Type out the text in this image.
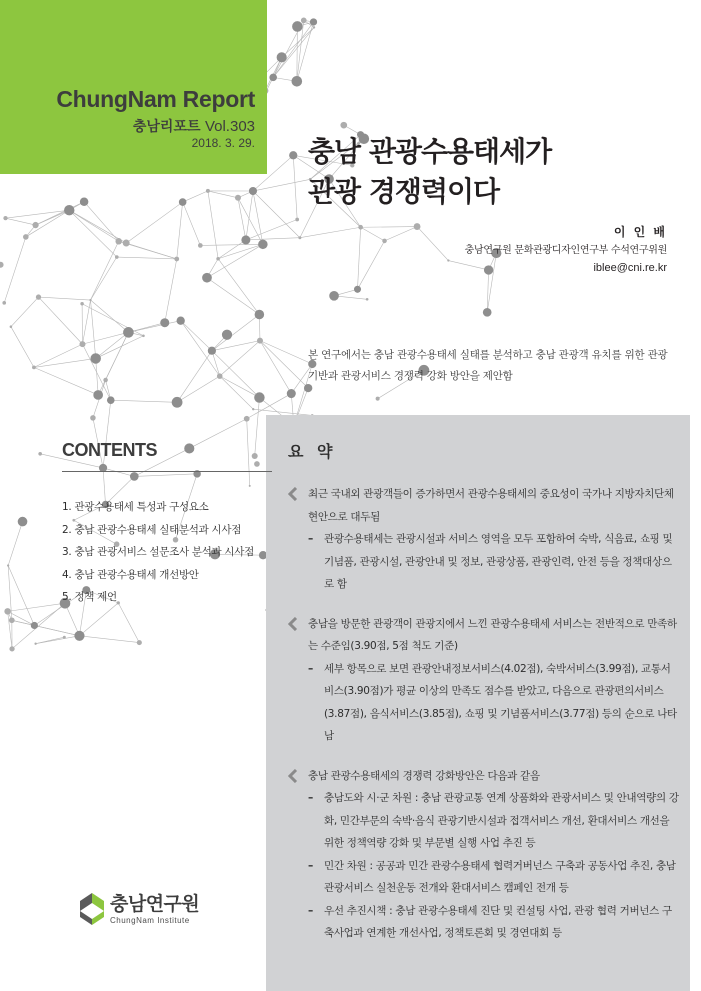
ChungNam Report
충남리포트 Vol.303
2018. 3. 29. 충남 관광수용태세가
관광 경쟁력이다
이 인 배
충남연구원 문화관광디자인연구부 수석연구위원
iblee@cni.re.kr

본 연구에서는 충남 관광수용태세 실태를 분석하고 충남 관광객 유치를 위한 관광기반과 관광서비스 경쟁력 강화 방안을 제안함

CONTENTS
1. 관광수용태세 특성과 구성요소
2. 충남 관광수용태세 실태분석과 시사점
3. 충남 관광서비스 설문조사 분석과 시사점
4. 충남 관광수용태세 개선방안
5. 정책 제언
요 약
최근 국내외 관광객들이 증가하면서 관광수용태세의 중요성이 국가나 지방자치단체 현안으로 대두됨
– 관광수용태세는 관광시설과 서비스 영역을 모두 포함하여 숙박, 식음료, 쇼핑 및 기념품, 관광시설, 관광안내 및 정보, 관광상품, 관광인력, 안전 등을 정책대상으로 함
충남을 방문한 관광객이 관광지에서 느낀 관광수용태세 서비스는 전반적으로 만족하는 수준임(3.90점, 5점 척도 기준)
– 세부 항목으로 보면 관광안내정보서비스(4.02점), 숙박서비스(3.99점), 교통서비스(3.90점)가 평균 이상의 만족도 점수를 받았고, 다음으로 관광편의서비스(3.87점), 음식서비스(3.85점), 쇼핑 및 기념품서비스(3.77점) 등의 순으로 나타남
충남 관광수용태세의 경쟁력 강화방안은 다음과 같음
– 충남도와 시·군 차원 : 충남 관광교통 연계 상품화와 관광서비스 및 안내역량의 강화, 민간부문의 숙박·음식 관광기반시설과 접객서비스 개선, 환대서비스 개선을 위한 정책역량 강화 및 부문별 실행 사업 추진 등
– 민간 차원 : 공공과 민간 관광수용태세 협력거버넌스 구축과 공동사업 추진, 충남 관광서비스 실천운동 전개와 환대서비스 캠페인 전개 등
– 우선 추진시책 : 충남 관광수용태세 진단 및 컨설팅 사업, 관광 협력 거버넌스 구축사업과 연계한 개선사업, 정책토론회 및 경연대회 등
충남연구원
ChungNam Institute
